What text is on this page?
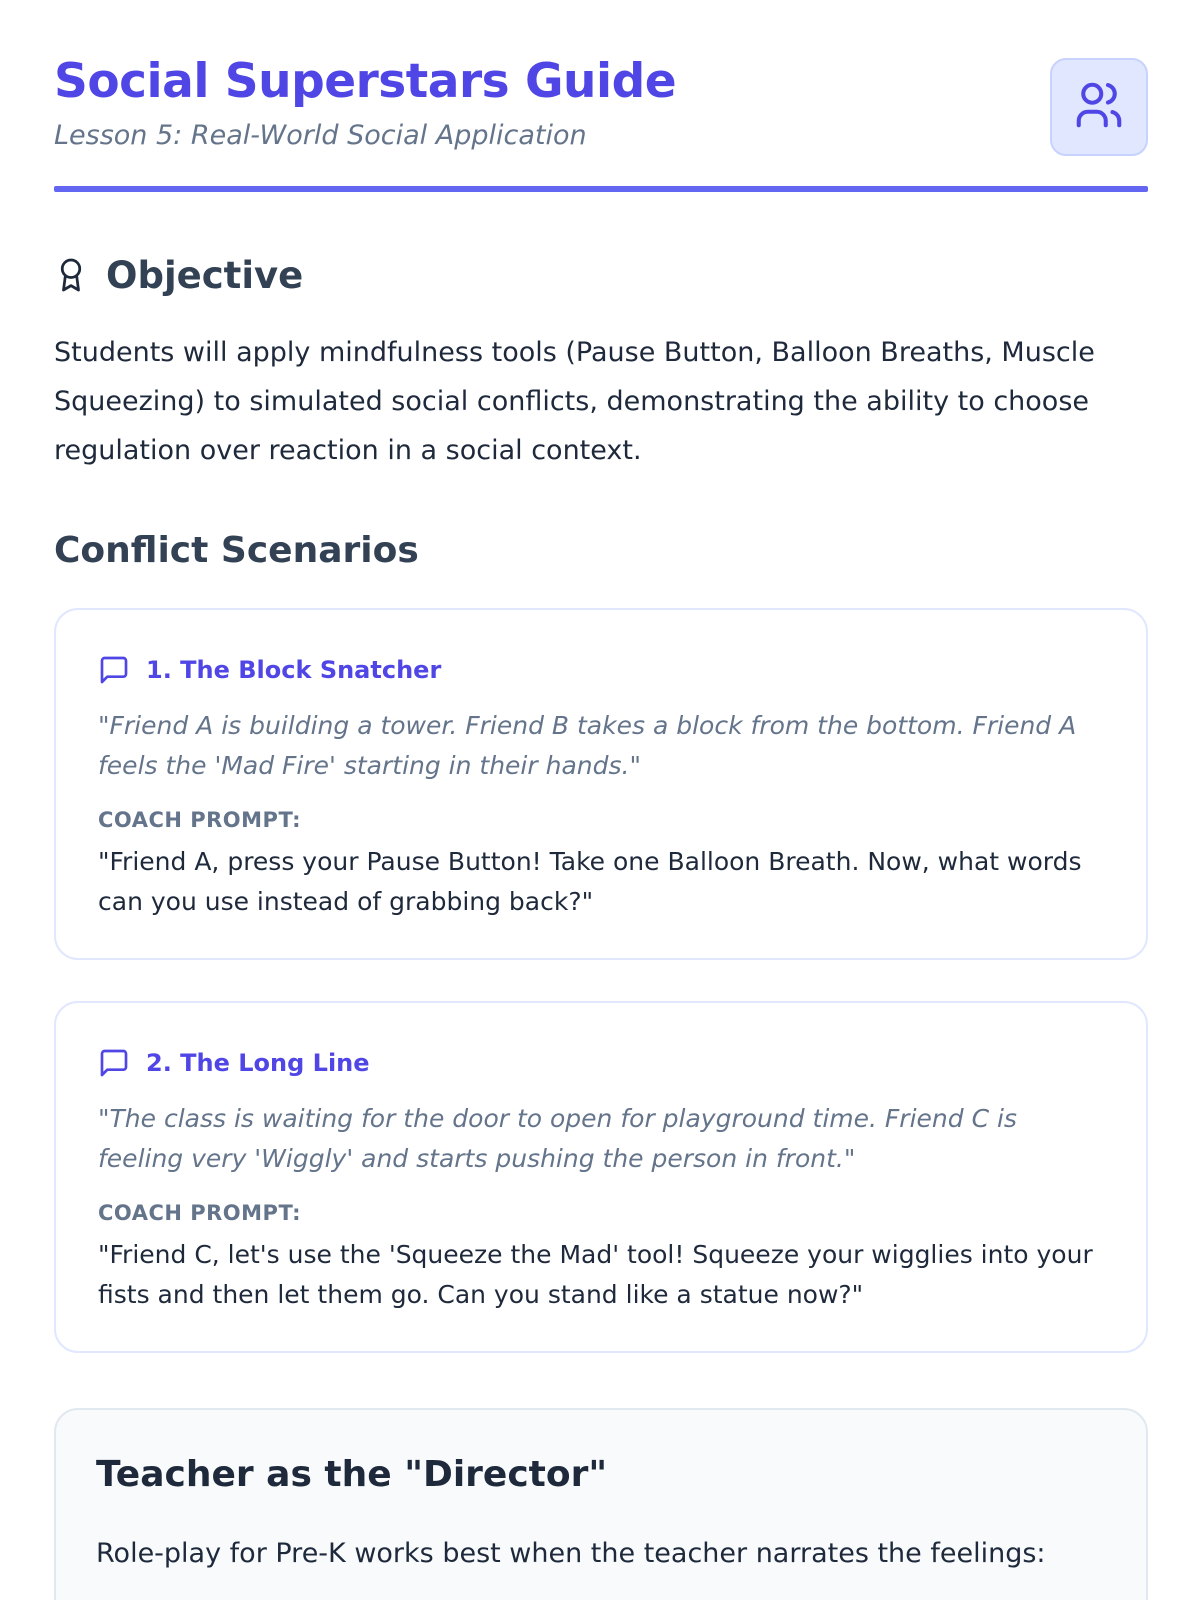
Social Superstars Guide
Lesson 5: Real-World Social Application
Objective

Students will apply mindfulness tools (Pause Button, Balloon Breaths, Muscle Squeezing) to simulated social conflicts, demonstrating the ability to choose regulation over reaction in a social context.

Conflict Scenarios
1. The Block Snatcher

"Friend A is building a tower. Friend B takes a block from the bottom. Friend A feels the 'Mad Fire' starting in their hands."

COACH PROMPT:

"Friend A, press your Pause Button! Take one Balloon Breath. Now, what words can you use instead of grabbing back?"

2. The Long Line

"The class is waiting for the door to open for playground time. Friend C is feeling very 'Wiggly' and starts pushing the person in front."

COACH PROMPT:

"Friend C, let's use the 'Squeeze the Mad' tool! Squeeze your wigglies into your fists and then let them go. Can you stand like a statue now?"

Teacher as the "Director"

Role-play for Pre-K works best when the teacher narrates the feelings:
